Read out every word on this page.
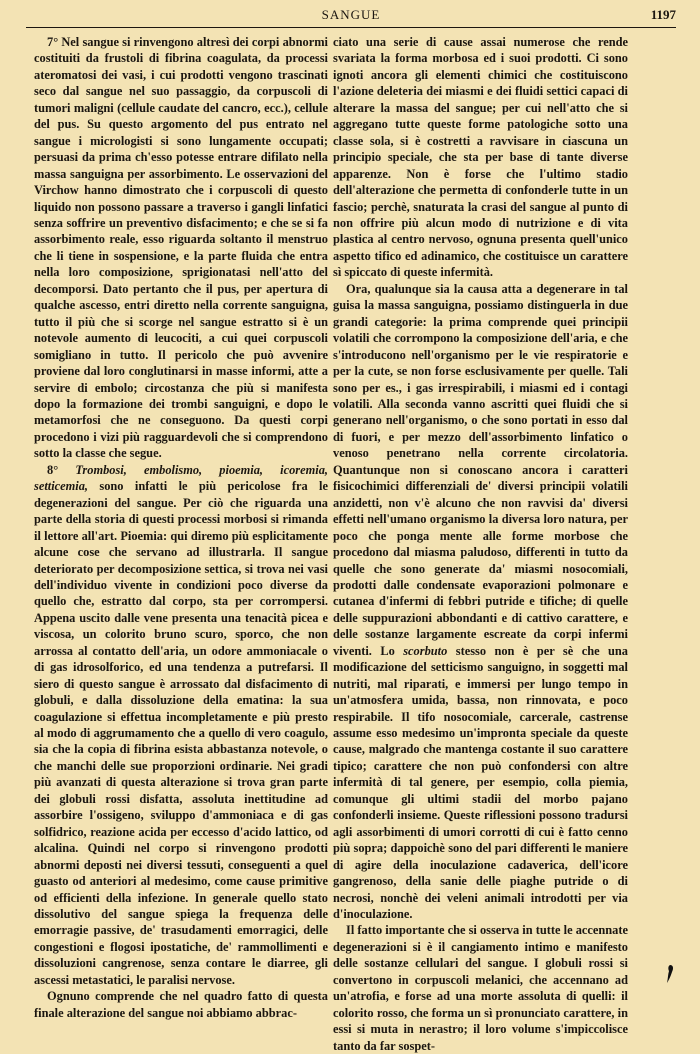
SANGUE	1197

7° Nel sangue si rinvengono altresì dei corpi abnormi costituiti da frustoli di fibrina coagulata, da processi ateromatosi dei vasi, i cui prodotti vengono trascinati seco dal sangue nel suo passaggio, da corpuscoli di tumori maligni (cellule caudate del cancro, ecc.), cellule del pus. Su questo argomento del pus entrato nel sangue i micrologisti si sono lungamente occupati; persuasi da prima ch'esso potesse entrare difilato nella massa sanguigna per assorbimento. Le osservazioni del Virchow hanno dimostrato che i corpuscoli di questo liquido non possono passare a traverso i gangli linfatici senza soffrire un preventivo disfacimento; e che se si fa assorbimento reale, esso riguarda soltanto il menstruo che li tiene in sospensione, e la parte fluida che entra nella loro composizione, sprigionatasi nell'atto del decomporsi. Dato pertanto che il pus, per apertura di qualche ascesso, entri diretto nella corrente sanguigna, tutto il più che si scorge nel sangue estratto si è un notevole aumento di leucociti, a cui quei corpuscoli somigliano in tutto. Il pericolo che può avvenire proviene dal loro conglutinarsi in masse informi, atte a servire di embolo; circostanza che più si manifesta dopo la formazione dei trombi sanguigni, e dopo le metamorfosi che ne conseguono. Da questi corpi procedono i vizi più ragguardevoli che si comprendono sotto la classe che segue.

8° Trombosi, embolismo, pioemia, icoremia, setticemia, sono infatti le più pericolose fra le degenerazioni del sangue. Per ciò che riguarda una parte della storia di questi processi morbosi si rimanda il lettore all'art. Pioemia: qui diremo più esplicitamente alcune cose che servano ad illustrarla. Il sangue deteriorato per decomposizione settica, si trova nei vasi dell'individuo vivente in condizioni poco diverse da quello che, estratto dal corpo, sta per corrompersi. Appena uscito dalle vene presenta una tenacità picea e viscosa, un colorito bruno scuro, sporco, che non arrossa al contatto dell'aria, un odore ammoniacale o di gas idrosolforico, ed una tendenza a putrefarsi. Il siero di questo sangue è arrossato dal disfacimento di globuli, e dalla dissoluzione della ematina: la sua coagulazione si effettua incompletamente e più presto al modo di aggrumamento che a quello di vero coagulo, sia che la copia di fibrina esista abbastanza notevole, o che manchi delle sue proporzioni ordinarie. Nei gradi più avanzati di questa alterazione si trova gran parte dei globuli rossi disfatta, assoluta inettitudine ad assorbire l'ossigeno, sviluppo d'ammoniaca e di gas solfidrico, reazione acida per eccesso d'acido lattico, od alcalina. Quindi nel corpo si rinvengono prodotti abnormi deposti nei diversi tessuti, conseguenti a quel guasto od anteriori al medesimo, come cause primitive od efficienti della infezione. In generale quello stato dissolutivo del sangue spiega la frequenza delle emorragie passive, de' trasudamenti emorragici, delle congestioni e flogosi ipostatiche, de' rammollimenti e dissoluzioni cangrenose, senza contare le diarree, gli ascessi metastatici, le paralisi nervose.

Ognuno comprende che nel quadro fatto di questa finale alterazione del sangue noi abbiamo abbrac-

ciato una serie di cause assai numerose che rende svariata la forma morbosa ed i suoi prodotti. Ci sono ignoti ancora gli elementi chimici che costituiscono l'azione deleteria dei miasmi e dei fluidi settici capaci di alterare la massa del sangue; per cui nell'atto che si aggregano tutte queste forme patologiche sotto una classe sola, si è costretti a ravvisare in ciascuna un principio speciale, che sta per base di tante diverse apparenze. Non è forse che l'ultimo stadio dell'alterazione che permetta di confonderle tutte in un fascio; perchè, snaturata la crasi del sangue al punto di non offrire più alcun modo di nutrizione e di vita plastica al centro nervoso, ognuna presenta quell'unico aspetto tifico ed adinamico, che costituisce un carattere sì spiccato di queste infermità.

Ora, qualunque sia la causa atta a degenerare in tal guisa la massa sanguigna, possiamo distinguerla in due grandi categorie: la prima comprende quei principii volatili che corrompono la composizione dell'aria, e che s'introducono nell'organismo per le vie respiratorie e per la cute, se non forse esclusivamente per quelle. Tali sono per es., i gas irrespirabili, i miasmi ed i contagi volatili. Alla seconda vanno ascritti quei fluidi che si generano nell'organismo, o che sono portati in esso dal di fuori, e per mezzo dell'assorbimento linfatico o venoso penetrano nella corrente circolatoria. Quantunque non si conoscano ancora i caratteri fisicochimici differenziali de' diversi principii volatili anzidetti, non v'è alcuno che non ravvisi da' diversi effetti nell'umano organismo la diversa loro natura, per poco che ponga mente alle forme morbose che procedono dal miasma paludoso, differenti in tutto da quelle che sono generate da' miasmi nosocomiali, prodotti dalle condensate evaporazioni polmonare e cutanea d'infermi di febbri putride e tifiche; di quelle delle suppurazioni abbondanti e di cattivo carattere, e delle sostanze largamente escreate da corpi infermi viventi. Lo scorbuto stesso non è per sè che una modificazione del setticismo sanguigno, in soggetti mal nutriti, mal riparati, e immersi per lungo tempo in un'atmosfera umida, bassa, non rinnovata, e poco respirabile. Il tifo nosocomiale, carcerale, castrense assume esso medesimo un'impronta speciale da queste cause, malgrado che mantenga costante il suo carattere tipico; carattere che non può confondersi con altre infermità di tal genere, per esempio, colla piemia, comunque gli ultimi stadii del morbo pajano confonderli insieme. Queste riflessioni possono tradursi agli assorbimenti di umori corrotti di cui è fatto cenno più sopra; dappoichè sono del pari differenti le maniere di agire della inoculazione cadaverica, dell'icore gangrenoso, della sanie delle piaghe putride o di necrosi, nonchè dei veleni animali introdotti per via d'inoculazione.

Il fatto importante che si osserva in tutte le accennate degenerazioni si è il cangiamento intimo e manifesto delle sostanze cellulari del sangue. I globuli rossi si convertono in corpuscoli melanici, che accennano ad un'atrofia, e forse ad una morte assoluta di quelli: il colorito rosso, che forma un sì pronunciato carattere, in essi si muta in nerastro; il loro volume s'impiccolisce tanto da far sospet-
